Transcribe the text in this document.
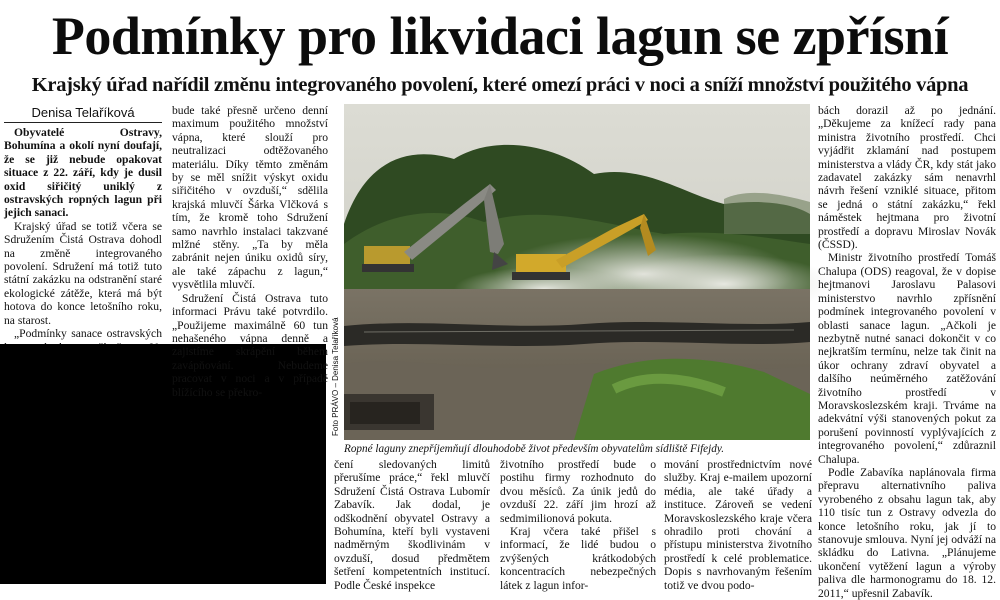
Podmínky pro likvidaci lagun se zpřísní
Krajský úřad nařídil změnu integrovaného povolení, které omezí práci v noci a sníží množství použitého vápna
Denisa Telaříková

Obyvatelé Ostravy, Bohumína a okolí nyní doufají, že se již nebude opakovat situace z 22. září, kdy je dusil oxid siřičitý uniklý z ostravských ropných lagun při jejich sanaci.

Krajský úřad se totiž včera se Sdružením Čistá Ostrava dohodl na změně integrovaného povolení. Sdružení má totiž tuto státní zakázku na odstranění staré ekologické zátěže, která má být hotova do konce letošního roku, na starost.

„Podmínky sanace ostravských

bude také přesně určeno denní maximum použitého množství vápna, které slouží pro neutralizaci odtěžovaného materiálu. Díky těmto změnám by se měl snížit výskyt oxidu siřičitého v ovzduší,“ sdělila krajská mluvčí Šárka Vlčková s tím, že kromě toho Sdružení samo navrhlo instalaci takzvané mlžné stěny. „Ta by měla zabránit nejen úniku oxidů síry, ale také zápachu z lagun,“ vysvětlila mluvčí.

Sdružení Čistá Ostrava tuto informaci Právu také potvrdilo. „Použijeme maximálně 60 tun nehašeného vápna denně a zajistíme skrápění během zavápňování. Nebudeme pracovat v noci a v případě blížícího se překro-	Foto PRÁVO – Denisa Telaříková
Ropné laguny znepříjemňují dlouhodobě život především obyvatelům sídliště Fifejdy.

čení sledovaných limitů přerušíme práce,“ řekl mluvčí Sdružení Čistá Ostrava Lubomír Zabavík. Jak dodal, je odškodnění obyvatel Ostravy a Bohumína, kteří byli vystaveni nadměrným škodlivinám v ovzduší, dosud předmětem šetření kompetentních institucí. Podle České inspekce

životního prostředí bude o postihu firmy rozhodnuto do dvou měsíců. Za únik jedů do ovzduší 22. září jim hrozí až sedmimilionová pokuta.

Kraj včera také přišel s informací, že lidé budou o zvýšených krátkodobých koncentracích nebezpečných látek z lagun infor-

mování prostřednictvím nové služby. Kraj e-mailem upozorní média, ale také úřady a instituce. Zároveň se vedení Moravskoslezského kraje včera ohradilo proti chování a přístupu ministerstva životního prostředí k celé problematice. Dopis s navrhovaným řešením totiž ve dvou podo-

bách dorazil až po jednání. „Děkujeme za knížecí rady pana ministra životního prostředí. Chci vyjádřit zklamání nad postupem ministerstva a vlády ČR, kdy stát jako zadavatel zakázky sám nenavrhl návrh řešení vzniklé situace, přitom se jedná o státní zakázku,“ řekl náměstek hejtmana pro životní prostředí a dopravu Miroslav Novák (ČSSD).

Ministr životního prostředí Tomáš Chalupa (ODS) reagoval, že v dopise hejtmanovi Jaroslavu Palasovi ministerstvo navrhlo zpřísnění podmínek integrovaného povolení v oblasti sanace lagun. „Ačkoli je nezbytně nutné sanaci dokončit v co nejkratším termínu, nelze tak činit na úkor ochrany zdraví obyvatel a dalšího neúměrného zatěžování životního prostředí v Moravskoslezském kraji. Trváme na adekvátní výši stanovených pokut za porušení povinností vyplývajících z integrovaného povolení,“ zdůraznil Chalupa.

Podle Zabavíka naplánovala firma přepravu alternativního paliva vyrobeného z obsahu lagun tak, aby 110 tisíc tun z Ostravy odvezla do konce letošního roku, jak jí to stanovuje smlouva. Nyní jej odváží na skládku do Lativna. „Plánujeme ukončení vytěžení lagun a výroby paliva dle harmonogramu do 18. 12. 2011,“ upřesnil Zabavík.
